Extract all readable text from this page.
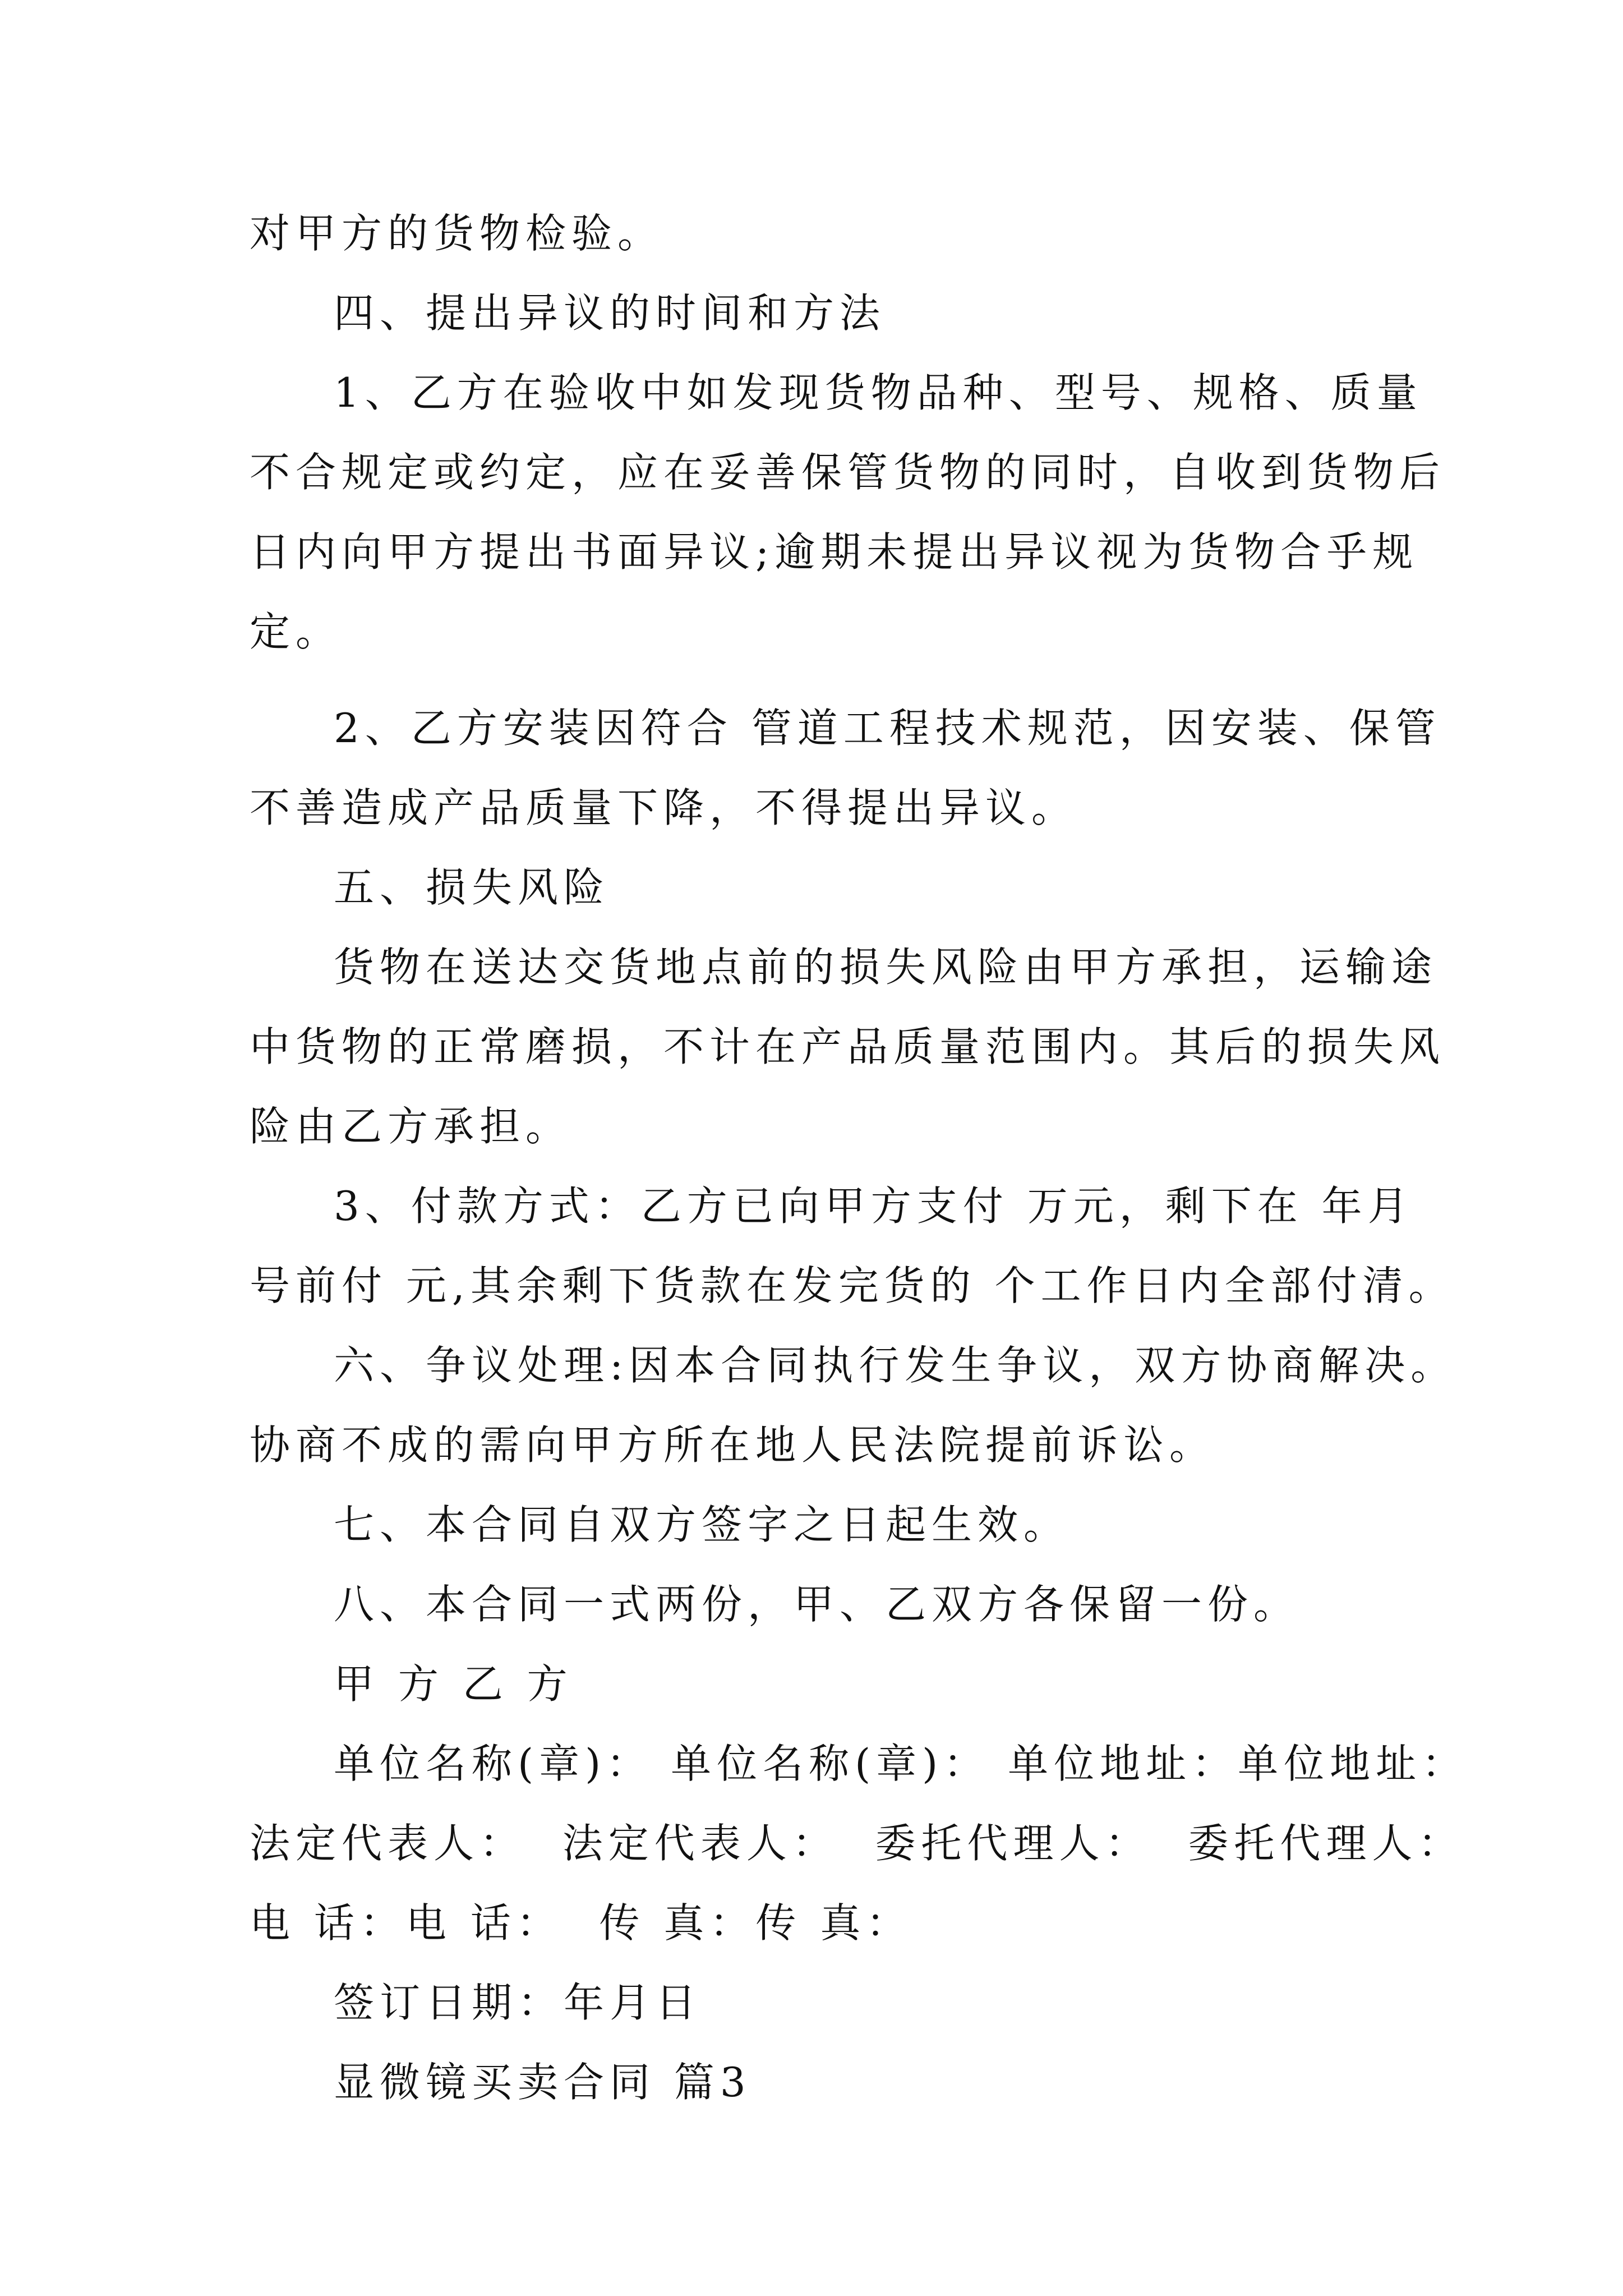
对甲方的货物检验。
四、提出异议的时间和方法
1、乙方在验收中如发现货物品种、型号、规格、质量
不合规定或约定，应在妥善保管货物的同时，自收到货物后
日内向甲方提出书面异议;逾期未提出异议视为货物合乎规
定。
2、乙方安装因符合 管道工程技术规范，因安装、保管
不善造成产品质量下降，不得提出异议。
五、损失风险
货物在送达交货地点前的损失风险由甲方承担，运输途
中货物的正常磨损，不计在产品质量范围内。其后的损失风
险由乙方承担。
3、付款方式：乙方已向甲方支付 万元，剩下在 年月
号前付 元,其余剩下货款在发完货的 个工作日内全部付清。
六、争议处理:因本合同执行发生争议，双方协商解决。
协商不成的需向甲方所在地人民法院提前诉讼。
七、本合同自双方签字之日起生效。
八、本合同一式两份，甲、乙双方各保留一份。
甲 方 乙 方
单位名称(章)： 单位名称(章)： 单位地址：单位地址：
法定代表人：  法定代表人：  委托代理人：  委托代理人：
电 话：电 话：  传 真：传 真：
签订日期：年月日
显微镜买卖合同 篇3
